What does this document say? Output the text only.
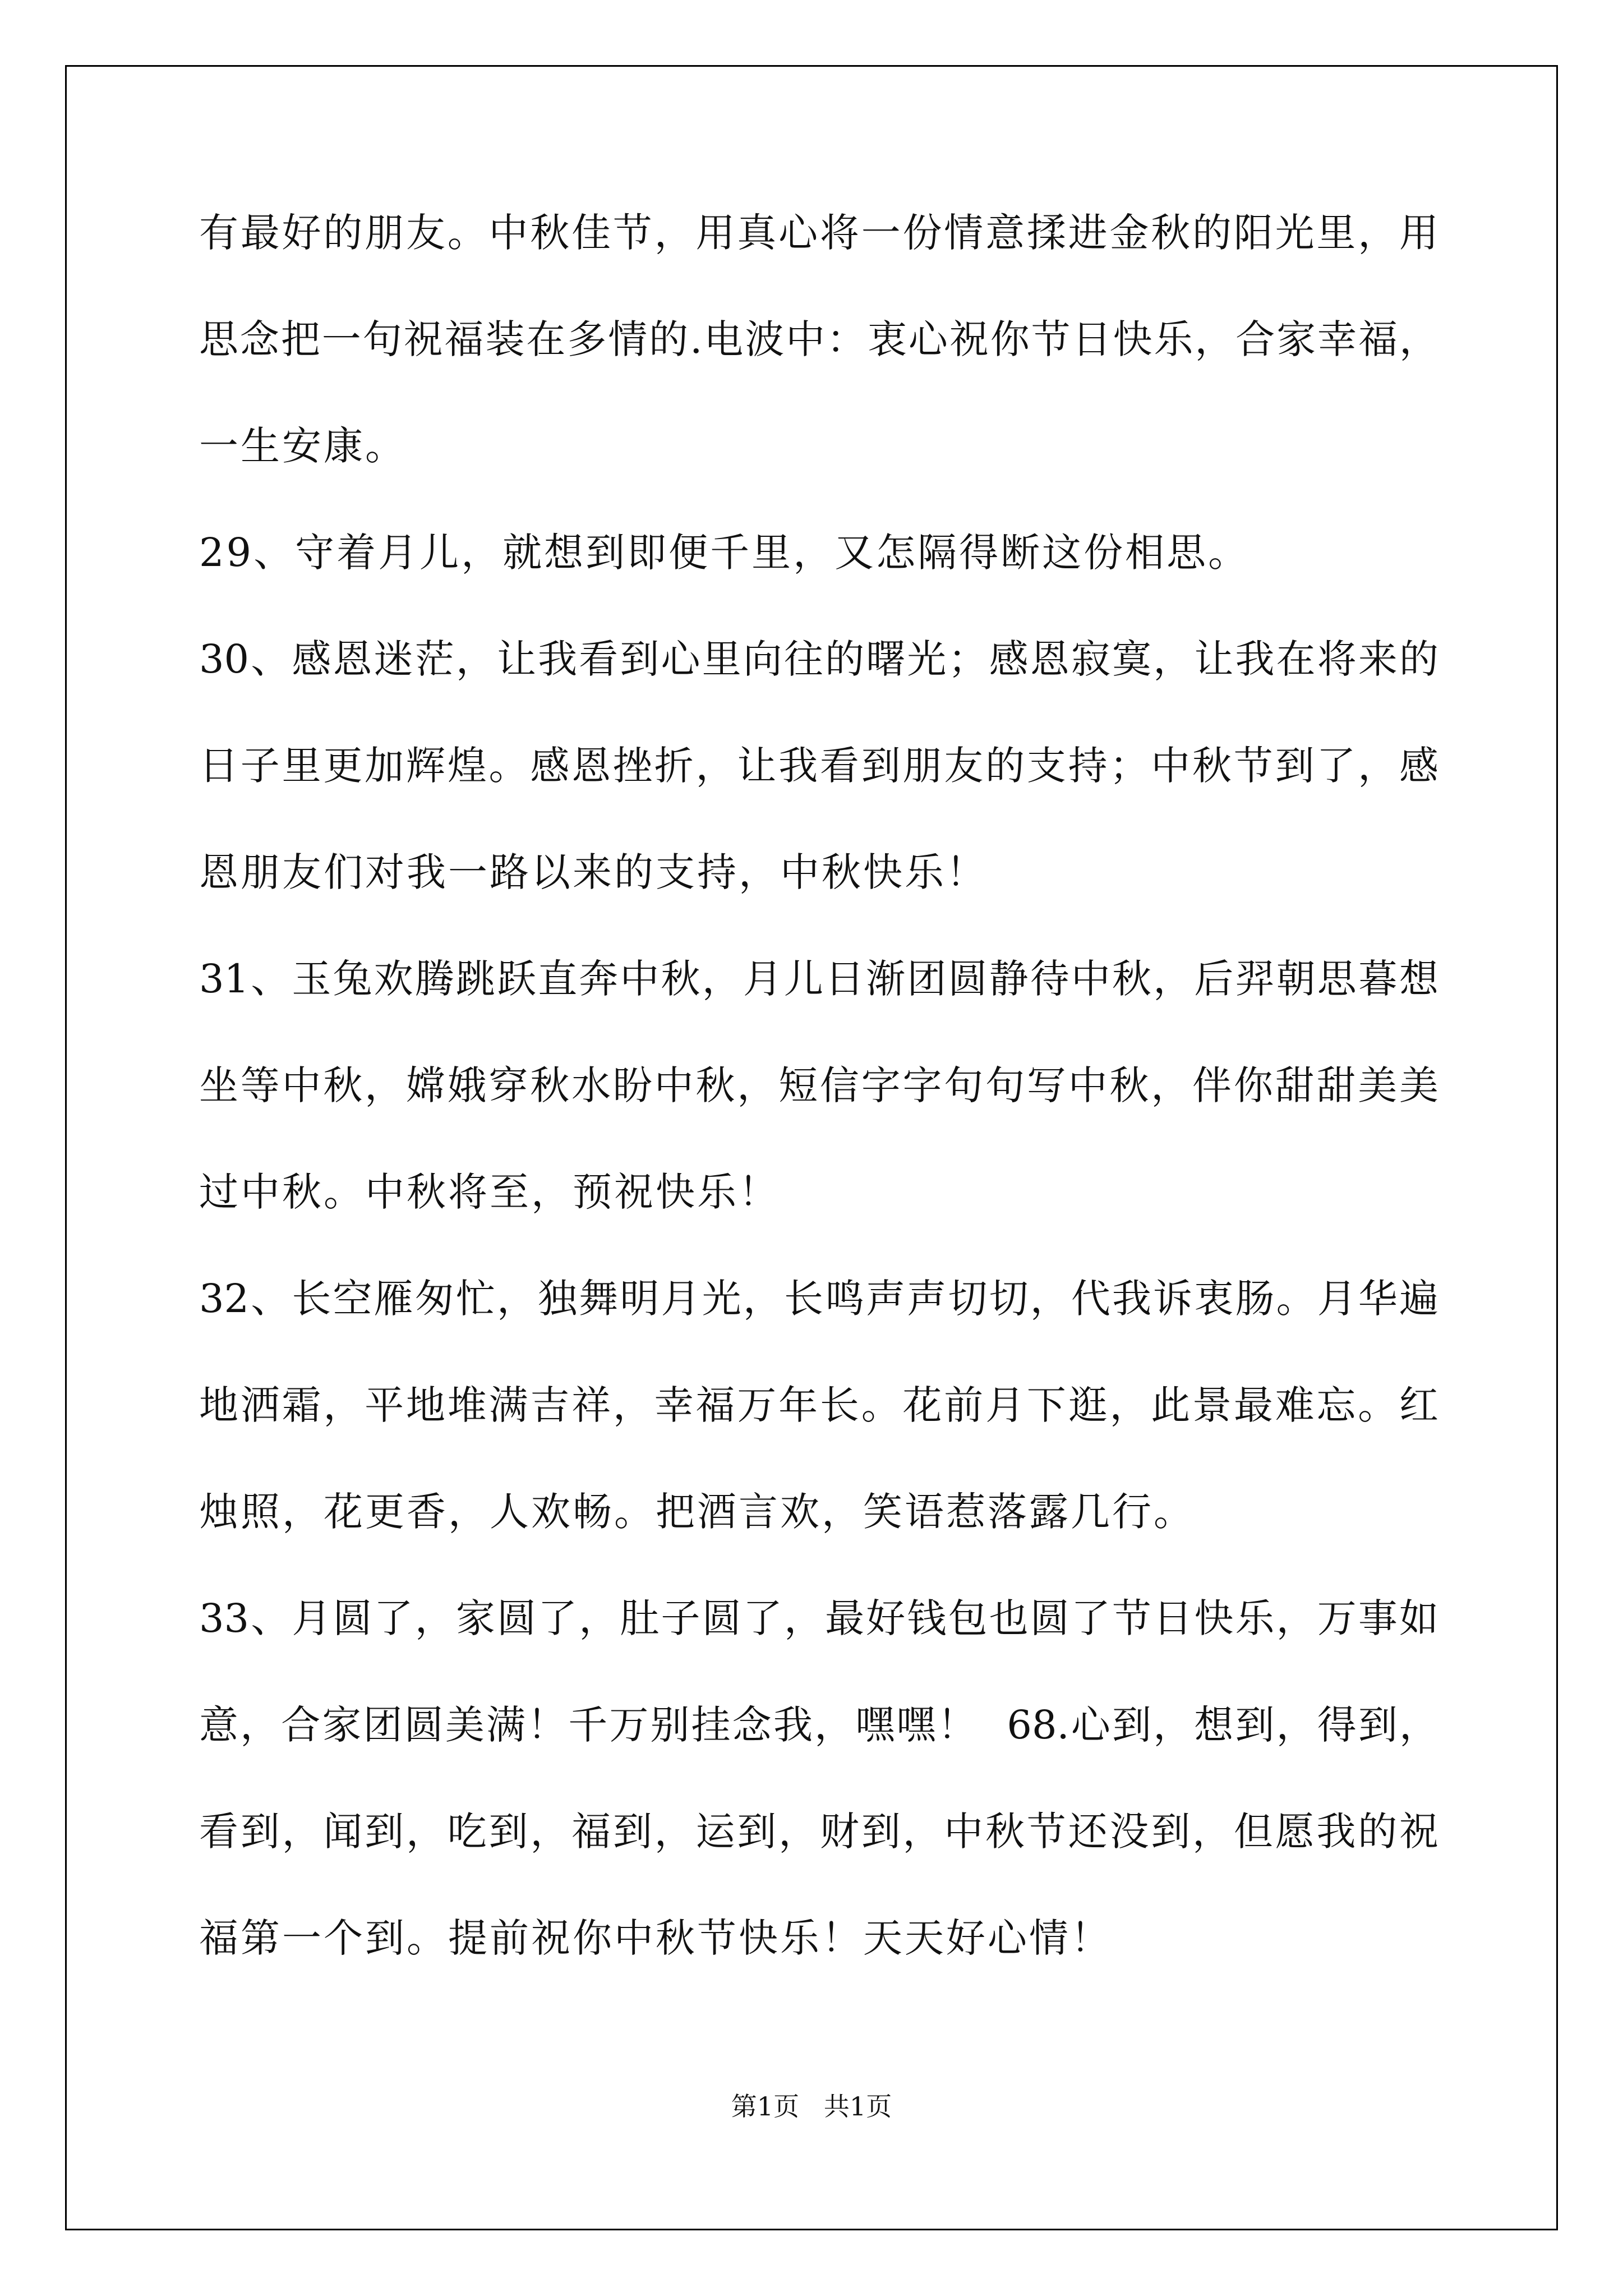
有最好的朋友。中秋佳节，用真心将一份情意揉进金秋的阳光里，用
思念把一句祝福装在多情的.电波中：衷心祝你节日快乐，合家幸福，
一生安康。
29、守着月儿，就想到即便千里，又怎隔得断这份相思。
30、感恩迷茫，让我看到心里向往的曙光；感恩寂寞，让我在将来的
日子里更加辉煌。感恩挫折，让我看到朋友的支持；中秋节到了，感
恩朋友们对我一路以来的支持，中秋快乐！
31、玉兔欢腾跳跃直奔中秋，月儿日渐团圆静待中秋，后羿朝思暮想
坐等中秋，嫦娥穿秋水盼中秋，短信字字句句写中秋，伴你甜甜美美
过中秋。中秋将至，预祝快乐！
32、长空雁匆忙，独舞明月光，长鸣声声切切，代我诉衷肠。月华遍
地洒霜，平地堆满吉祥，幸福万年长。花前月下逛，此景最难忘。红
烛照，花更香，人欢畅。把酒言欢，笑语惹落露几行。
33、月圆了，家圆了，肚子圆了，最好钱包也圆了节日快乐，万事如
意，合家团圆美满！千万别挂念我，嘿嘿！  68.心到，想到，得到，
看到，闻到，吃到，福到，运到，财到，中秋节还没到，但愿我的祝
福第一个到。提前祝你中秋节快乐！天天好心情！
第1页   共1页
